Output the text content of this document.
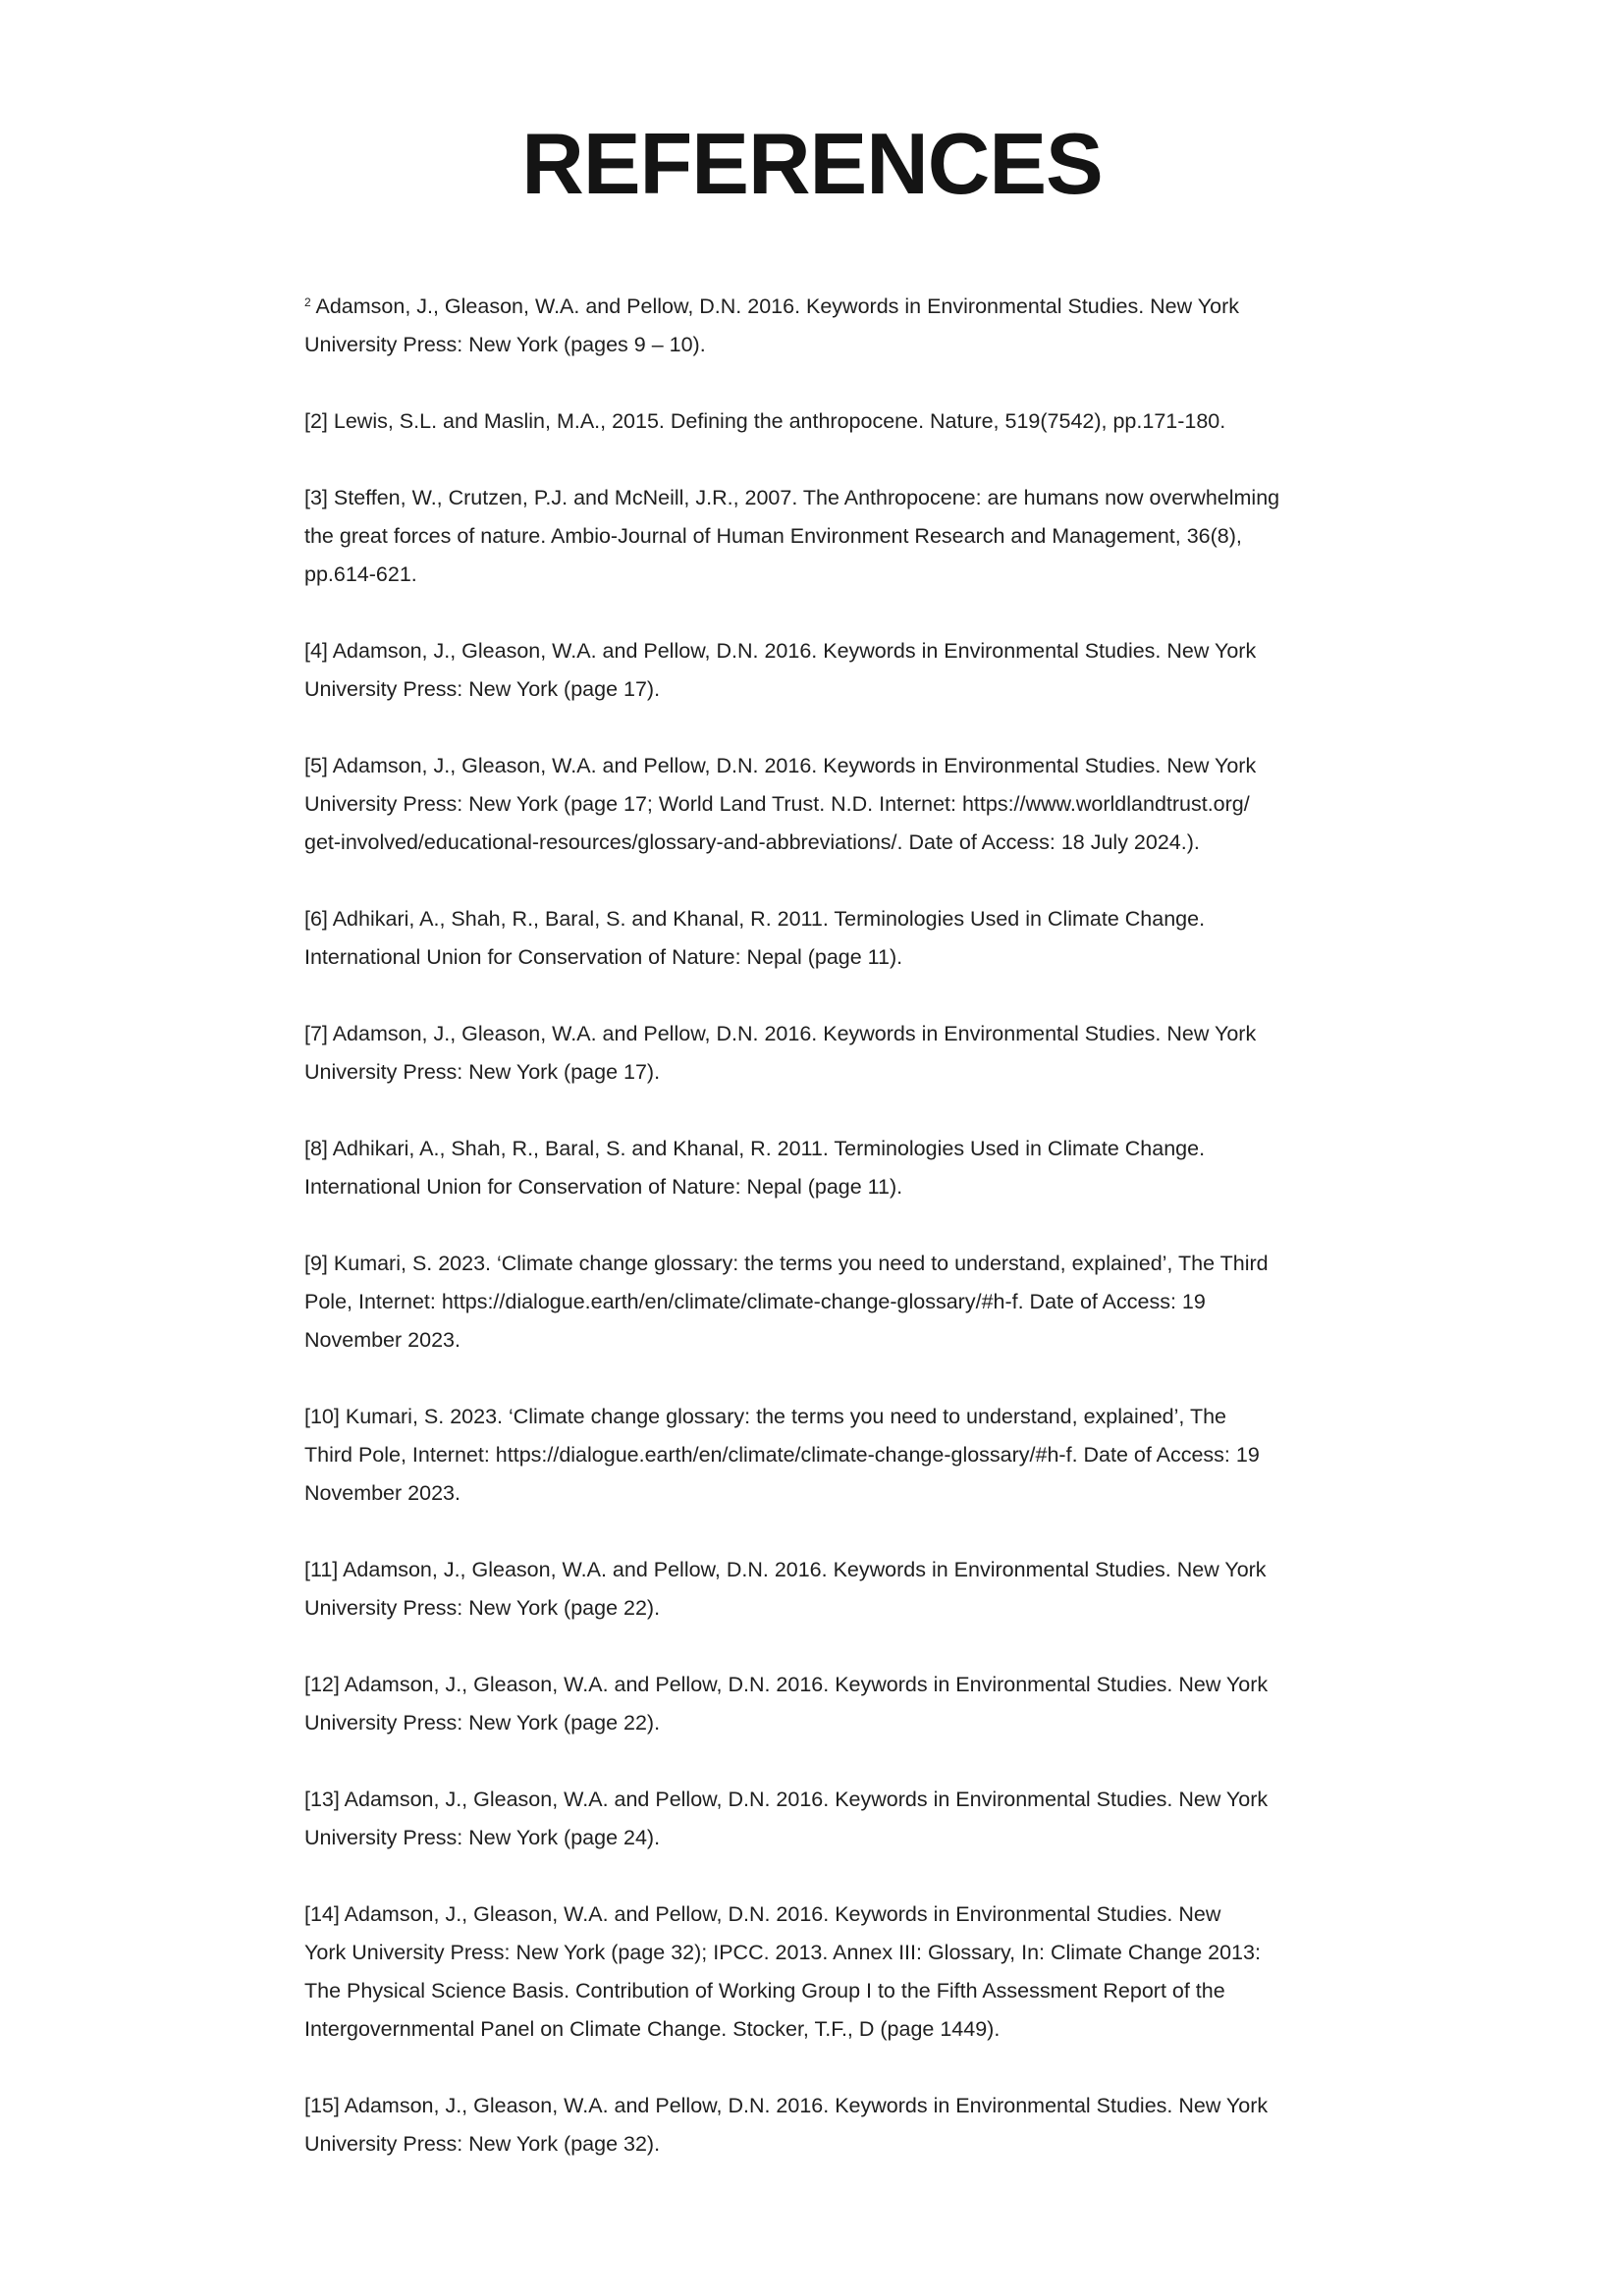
REFERENCES
$^2$ Adamson, J., Gleason, W.A. and Pellow, D.N. 2016. Keywords in Environmental Studies. New York
University Press: New York (pages 9 – 10).
[2] Lewis, S.L. and Maslin, M.A., 2015. Defining the anthropocene. Nature, 519(7542), pp.171-180.
[3] Steffen, W., Crutzen, P.J. and McNeill, J.R., 2007. The Anthropocene: are humans now overwhelming
the great forces of nature. Ambio-Journal of Human Environment Research and Management, 36(8),
pp.614-621.
[4] Adamson, J., Gleason, W.A. and Pellow, D.N. 2016. Keywords in Environmental Studies. New York
University Press: New York (page 17).
[5] Adamson, J., Gleason, W.A. and Pellow, D.N. 2016. Keywords in Environmental Studies. New York
University Press: New York (page 17; World Land Trust. N.D. Internet: https://www.worldlandtrust.org/
get-involved/educational-resources/glossary-and-abbreviations/. Date of Access: 18 July 2024.).
[6] Adhikari, A., Shah, R., Baral, S. and Khanal, R. 2011. Terminologies Used in Climate Change.
International Union for Conservation of Nature: Nepal (page 11).
[7] Adamson, J., Gleason, W.A. and Pellow, D.N. 2016. Keywords in Environmental Studies. New York
University Press: New York (page 17).
[8] Adhikari, A., Shah, R., Baral, S. and Khanal, R. 2011. Terminologies Used in Climate Change.
International Union for Conservation of Nature: Nepal (page 11).
[9] Kumari, S. 2023. ‘Climate change glossary: the terms you need to understand, explained’, The Third
Pole, Internet: https://dialogue.earth/en/climate/climate-change-glossary/#h-f. Date of Access: 19
November 2023.
[10] Kumari, S. 2023. ‘Climate change glossary: the terms you need to understand, explained’, The
Third Pole, Internet: https://dialogue.earth/en/climate/climate-change-glossary/#h-f. Date of Access: 19
November 2023.
[11] Adamson, J., Gleason, W.A. and Pellow, D.N. 2016. Keywords in Environmental Studies. New York
University Press: New York (page 22).
[12] Adamson, J., Gleason, W.A. and Pellow, D.N. 2016. Keywords in Environmental Studies. New York
University Press: New York (page 22).
[13] Adamson, J., Gleason, W.A. and Pellow, D.N. 2016. Keywords in Environmental Studies. New York
University Press: New York (page 24).
[14] Adamson, J., Gleason, W.A. and Pellow, D.N. 2016. Keywords in Environmental Studies. New
York University Press: New York (page 32); IPCC. 2013. Annex III: Glossary, In: Climate Change 2013:
The Physical Science Basis. Contribution of Working Group I to the Fifth Assessment Report of the
Intergovernmental Panel on Climate Change. Stocker, T.F., D (page 1449).
[15] Adamson, J., Gleason, W.A. and Pellow, D.N. 2016. Keywords in Environmental Studies. New York
University Press: New York (page 32).
